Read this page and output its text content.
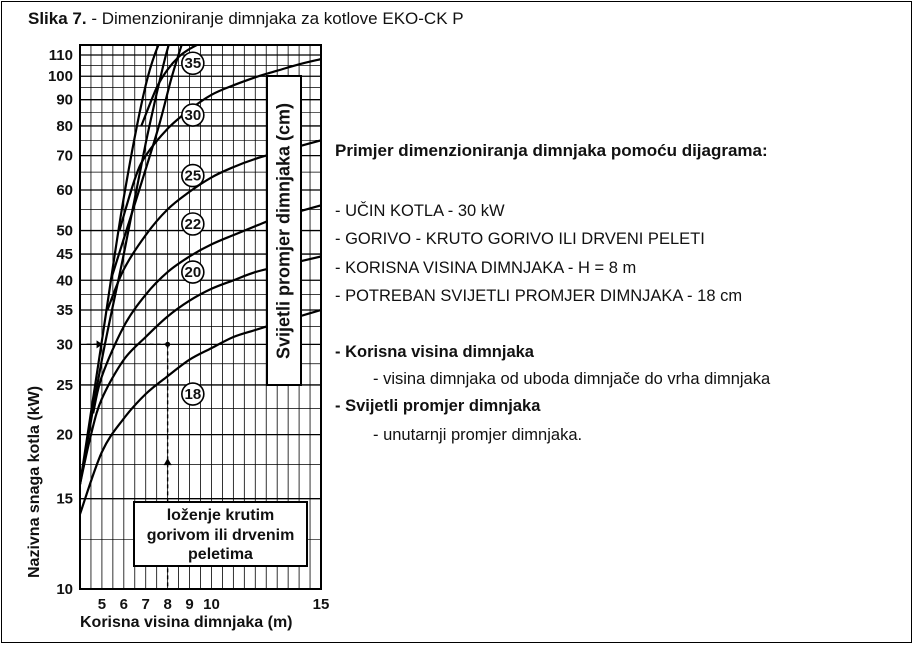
Slika 7. - Dimenzioniranje dimnjaka za kotlove EKO-CK P
35
30
25
22
20
18
10
15
20
25
30
35
40
45
50
60
70
80
90
100
110
5 6 7 8 9 10	15
Korisna visina dimnjaka (m)
Nazivna snaga kotla (kW)
Svijetli promjer dimnjaka (cm)
loženje krutim
gorivom ili drvenim
peletima
Primjer dimenzioniranja dimnjaka pomoću dijagrama:
- UČIN KOTLA - 30 kW
- GORIVO - KRUTO GORIVO ILI DRVENI PELETI
- KORISNA VISINA DIMNJAKA - H = 8 m
- POTREBAN SVIJETLI PROMJER DIMNJAKA - 18 cm
- Korisna visina dimnjaka
- visina dimnjaka od uboda dimnjače do vrha dimnjaka
- Svijetli promjer dimnjaka
- unutarnji promjer dimnjaka.
